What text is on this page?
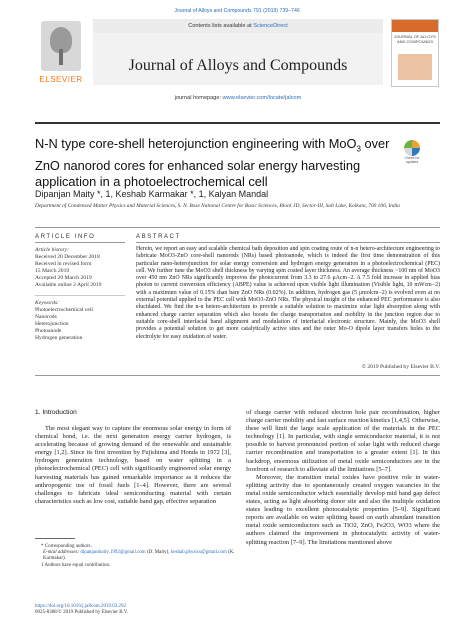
Journal of Alloys and Compounds 791 (2019) 739–746
ELSEVIER
Contents lists available at ScienceDirect
Journal of Alloys and Compounds
journal homepage: www.elsevier.com/locate/jalcom
JOURNAL OF ALLOYS AND COMPOUNDS
N-N type core-shell heterojunction engineering with MoO$_3$ over ZnO nanorod cores for enhanced solar energy harvesting application in a photoelectrochemical cell
Check for updates
Dipanjan Maity *, 1, Keshab Karmakar *, 1, Kalyan Mandal
Department of Condensed Matter Physics and Material Sciences, S. N. Bose National Centre for Basic Sciences, Block JD, Sector-III, Salt Lake, Kolkata, 700 106, India
ARTICLE INFO
Article history:
Received 20 December 2018
Received in revised form
15 March 2019
Accepted 20 March 2019
Available online 2 April 2019
Keywords:
Photoelectrochemical cell
Nanorods
Heterojunction
Photoanode
Hydrogen generation
ABSTRACT
Herein, we report an easy and scalable chemical bath deposition and spin coating route of n-n hetero-architecture engineering to fabricate MoO3-ZnO core-shell nanorods (NRs) based photoanode, which is indeed the first time demonstration of this particular nano-heterojunction for solar energy conversion and hydrogen energy generation in a photoelectrochemical (PEC) cell. We further tune the MoO3 shell thickness by varying spin coated layer thickness. An average thickness ~100 nm of MoO3 over 450 nm ZnO NRs significantly improves the photocurrent from 3.3 to 27.6 μAcm−2. A 7.5 fold increase in applied bias photon to current conversion efficiency (ABPE) value is achieved upon visible light illumination (Visible light, 10 mWcm−2) with a maximum value of 0.15% than bare ZnO NRs (0.02%). In addition, hydrogen gas (5 μmolcm−2) is evolved even at no external potential applied to the PEC cell with MoO3-ZnO NRs. The physical insight of the enhanced PEC performance is also elucidated. We find the n-n hetero-architecture to provide a suitable solution to maximize solar light absorption along with enhanced charge carrier separation which also boosts the charge transportation and mobility in the junction region due to suitable core-shell interfacial band alignment and modulation of interfacial electronic structure. Mainly, the MoO3 shell provides a potential solution to get more catalytically active sites and the outer Mo-O dipole layer transfers holes to the electrolyte for easy oxidation of water.
© 2019 Published by Elsevier B.V.
1. Introduction

The most elegant way to capture the enormous solar energy in form of chemical bond, i.e. the next generation energy carrier hydrogen, is accelerating because of growing demand of the renewable and sustainable energy [1,2]. Since its first invention by Fujishima and Honda in 1972 [3], hydrogen generation technology, based on water splitting in a photoelectrochemical (PEC) cell with significantly engineered solar energy harvesting materials has gained remarkable importance as it reduces the anthropogenic use of fossil fuels [1–4]. However, there are several challenges to fabricate ideal semiconducting material with certain characteristics such as low cost, suitable band gap, effective separation

of charge carrier with reduced electron hole pair recombination, higher charge carrier mobility and fast surface reaction kinetics [1,4,5]. Otherwise, these will limit the large scale application of the materials in the PEC technology [1]. In particular, with single semiconductor material, it is not possible to harvest pronounced portion of solar light with reduced charge carrier recombination and transportation to a greater extent [1]. In this backdrop, enormous utilization of metal oxide semiconductors are in the forefront of research to alleviate all the limitations [5–7].

Moreover, the transition metal oxides have positive role in water-splitting activity due to spontaneously created oxygen vacancies in the metal oxide semiconductor which essentially develop mid band gap defect states, acting as light absorbing donor site and also the multiple oxidation states leading to excellent photocatalytic properties [5–9]. Significant reports are available on water splitting based on earth abundant transition metal oxide semiconductors such as TiO2, ZnO, Fe2O3, WO3 where the authors claimed the improvement in photocatalytic activity of water-splitting reaction [7–9]. The limitations mentioned above

* Corresponding authors.
E-mail addresses: dipanjanmaity.1992@gmail.com (D. Maity), keshab.physics@gmail.com (K. Karmakar).
1 Authors have equal contribution.
https://doi.org/10.1016/j.jallcom.2019.03.292
0925-8388/© 2019 Published by Elsevier B.V.
